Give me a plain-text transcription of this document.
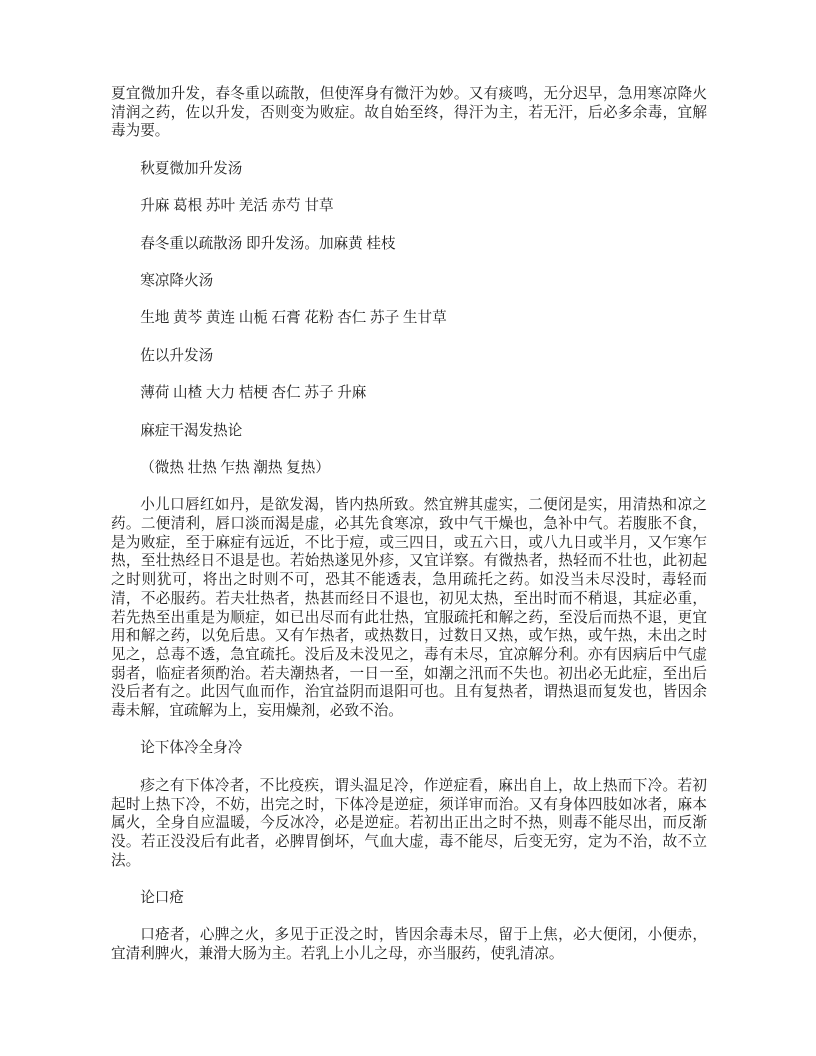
夏宜微加升发，春冬重以疏散，但使浑身有微汗为妙。又有痰鸣，无分迟早，急用寒凉降火清润之药，佐以升发，否则变为败症。故自始至终，得汗为主，若无汗，后必多余毒，宜解毒为要。

秋夏微加升发汤

升麻 葛根 苏叶 羌活 赤芍 甘草

春冬重以疏散汤 即升发汤。加麻黄 桂枝

寒凉降火汤

生地 黄芩 黄连 山栀 石膏 花粉 杏仁 苏子 生甘草

佐以升发汤

薄荷 山楂 大力 桔梗 杏仁 苏子 升麻

麻症干渴发热论

（微热 壮热 乍热 潮热 复热）

小儿口唇红如丹，是欲发渴，皆内热所致。然宜辨其虚实，二便闭是实，用清热和凉之药。二便清利，唇口淡而渴是虚，必其先食寒凉，致中气干燥也，急补中气。若腹胀不食，是为败症，至于麻症有远近，不比于痘，或三四日，或五六日，或八九日或半月，又乍寒乍热，至壮热经日不退是也。若始热遂见外疹，又宜详察。有微热者，热轻而不壮也，此初起之时则犹可，将出之时则不可，恐其不能透表，急用疏托之药。如没当未尽没时，毒轻而清，不必服药。若夫壮热者，热甚而经日不退也，初见太热，至出时而不稍退，其症必重，若先热至出重是为顺症，如已出尽而有此壮热，宜服疏托和解之药，至没后而热不退，更宜用和解之药，以免后患。又有乍热者，或热数日，过数日又热，或乍热，或午热，未出之时见之，总毒不透，急宜疏托。没后及未没见之，毒有未尽，宜凉解分利。亦有因病后中气虚弱者，临症者须酌治。若夫潮热者，一日一至，如潮之汛而不失也。初出必无此症，至出后没后者有之。此因气血而作，治宜益阴而退阳可也。且有复热者，谓热退而复发也，皆因余毒未解，宜疏解为上，妄用燥剂，必致不治。

论下体冷全身冷

疹之有下体冷者，不比疫疾，谓头温足冷，作逆症看，麻出自上，故上热而下冷。若初起时上热下冷，不妨，出完之时，下体冷是逆症，须详审而治。又有身体四肢如冰者，麻本属火，全身自应温暖，今反冰冷，必是逆症。若初出正出之时不热，则毒不能尽出，而反渐没。若正没没后有此者，必脾胃倒坏，气血大虚，毒不能尽，后变无穷，定为不治，故不立法。

论口疮

口疮者，心脾之火，多见于正没之时，皆因余毒未尽，留于上焦，必大便闭，小便赤，宜清利脾火，兼滑大肠为主。若乳上小儿之母，亦当服药，使乳清凉。
